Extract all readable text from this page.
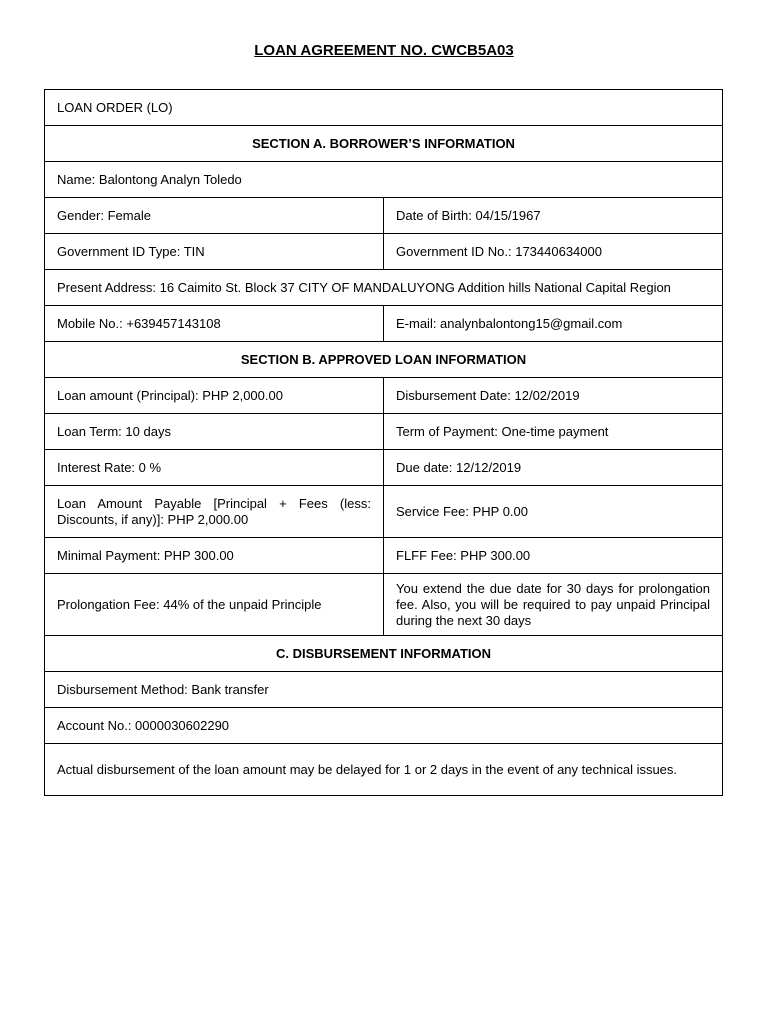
LOAN AGREEMENT NO. CWCB5A03
LOAN ORDER (LO)	
SECTION A. BORROWER’S INFORMATION	
Name: Balontong Analyn Toledo	
Gender: Female	Date of Birth: 04/15/1967
Government ID Type: TIN	Government ID No.: 173440634000
Present Address: 16 Caimito St. Block 37 CITY OF MANDALUYONG Addition hills National Capital Region	
Mobile No.: +639457143108	E-mail: analynbalontong15@gmail.com
SECTION B. APPROVED LOAN INFORMATION	
Loan amount (Principal): PHP 2,000.00	Disbursement Date: 12/02/2019
Loan Term: 10 days	Term of Payment: One-time payment
Interest Rate: 0 %	Due date: 12/12/2019
Loan Amount Payable [Principal + Fees (less: Discounts, if any)]: PHP 2,000.00	Service Fee: PHP 0.00
Minimal Payment: PHP 300.00	FLFF Fee: PHP 300.00
Prolongation Fee: 44% of the unpaid Principle	You extend the due date for 30 days for prolongation fee. Also, you will be required to pay unpaid Principal during the next 30 days
C. DISBURSEMENT INFORMATION	
Disbursement Method: Bank transfer	
Account No.: 0000030602290	
Actual disbursement of the loan amount may be delayed for 1 or 2 days in the event of any technical issues.	
